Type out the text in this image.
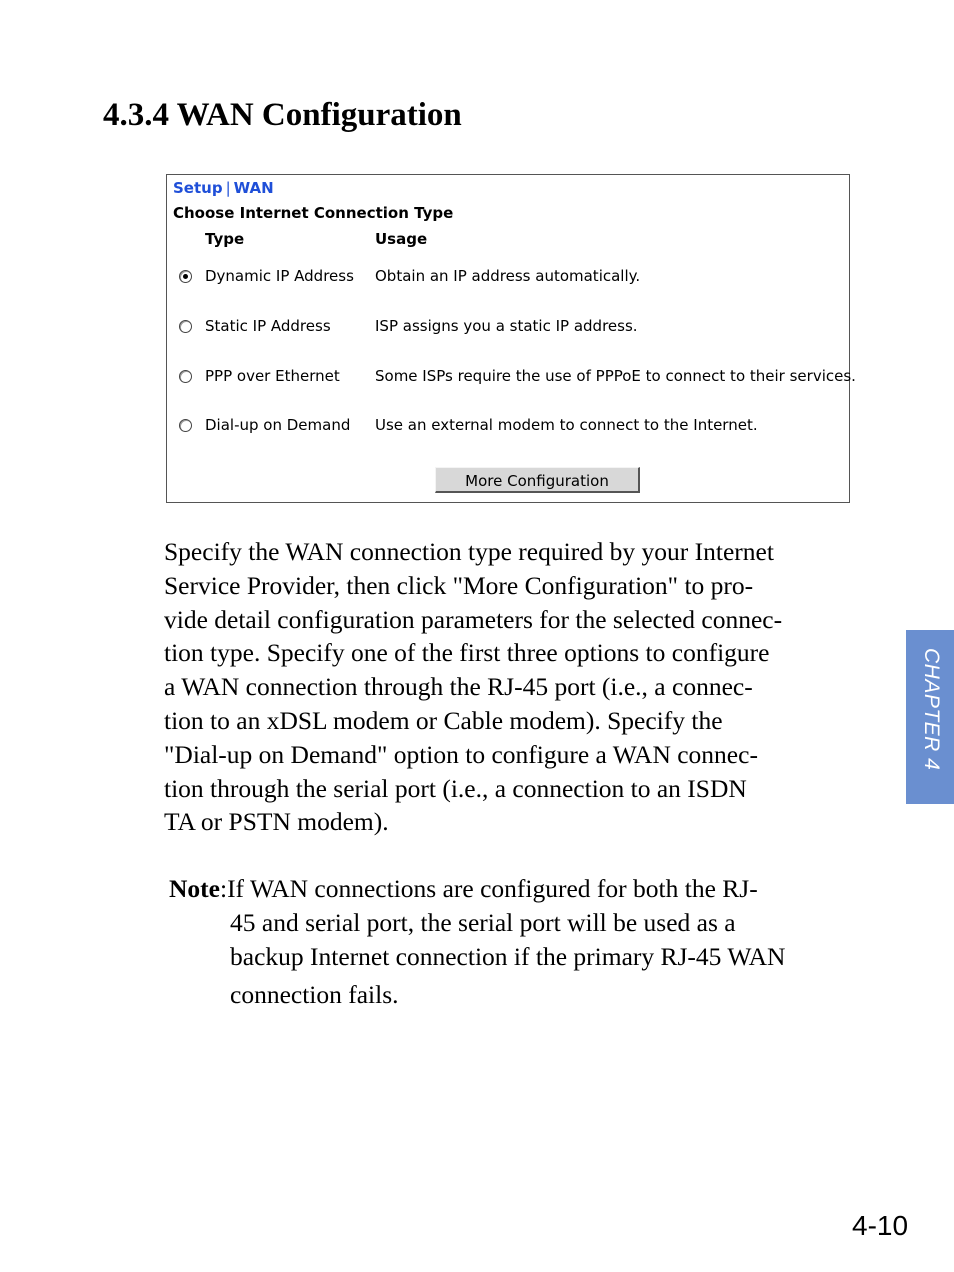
4.3.4 WAN Configuration
Setup | WAN
Choose Internet Connection Type
Type	Usage
Dynamic IP Address Obtain an IP address automatically.
Static IP Address	ISP assigns you a static IP address.
PPP over Ethernet Some ISPs require the use of PPPoE to connect to their services.
Dial-up on Demand Use an external modem to connect to the Internet.
More Configuration
Specify the WAN connection type required by your Internet
Service Provider, then click "More Configuration" to pro-
vide detail configuration parameters for the selected connec-
tion type. Specify one of the first three options to configure
a WAN connection through the RJ-45 port (i.e., a connec-
tion to an xDSL modem or Cable modem). Specify the
"Dial-up on Demand" option to configure a WAN connec-
tion through the serial port (i.e., a connection to an ISDN
TA or PSTN modem).
Note:If WAN connections are configured for both the RJ-
45 and serial port, the serial port will be used as a
backup Internet connection if the primary RJ-45 WAN
connection fails.
CHAPTER 4
4-10
